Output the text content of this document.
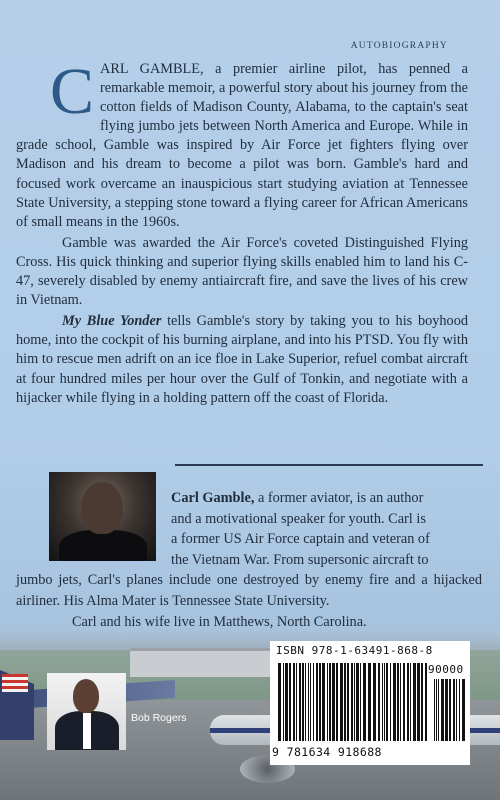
AUTOBIOGRAPHY

CARL GAMBLE, a premier airline pilot, has penned a remarkable memoir, a powerful story about his journey from the cotton fields of Madison County, Alabama, to the captain's seat flying jumbo jets between North America and Europe. While in grade school, Gamble was inspired by Air Force jet fighters flying over Madison and his dream to become a pilot was born. Gamble's hard and focused work overcame an inauspicious start studying aviation at Tennessee State University, a stepping stone toward a flying career for African Americans of small means in the 1960s.

Gamble was awarded the Air Force's coveted Distinguished Flying Cross. His quick thinking and superior flying skills enabled him to land his C-47, severely disabled by enemy antiaircraft fire, and save the lives of his crew in Vietnam.

My Blue Yonder tells Gamble's story by taking you to his boyhood home, into the cockpit of his burning airplane, and into his PTSD. You fly with him to rescue men adrift on an ice floe in Lake Superior, refuel combat aircraft at four hundred miles per hour over the Gulf of Tonkin, and negotiate with a hijacker while flying in a holding pattern off the coast of Florida.

Carl Gamble, a former aviator, is an author
and a motivational speaker for youth. Carl is
a former US Air Force captain and veteran of
the Vietnam War. From supersonic aircraft to
jumbo jets, Carl's planes include one destroyed by enemy fire and a hijacked airliner. His Alma Mater is Tennessee State University.
Carl and his wife live in Matthews, North Carolina.
Bob Rogers
ISBN 978-1-63491-868-8
90000
9 781634 918688
